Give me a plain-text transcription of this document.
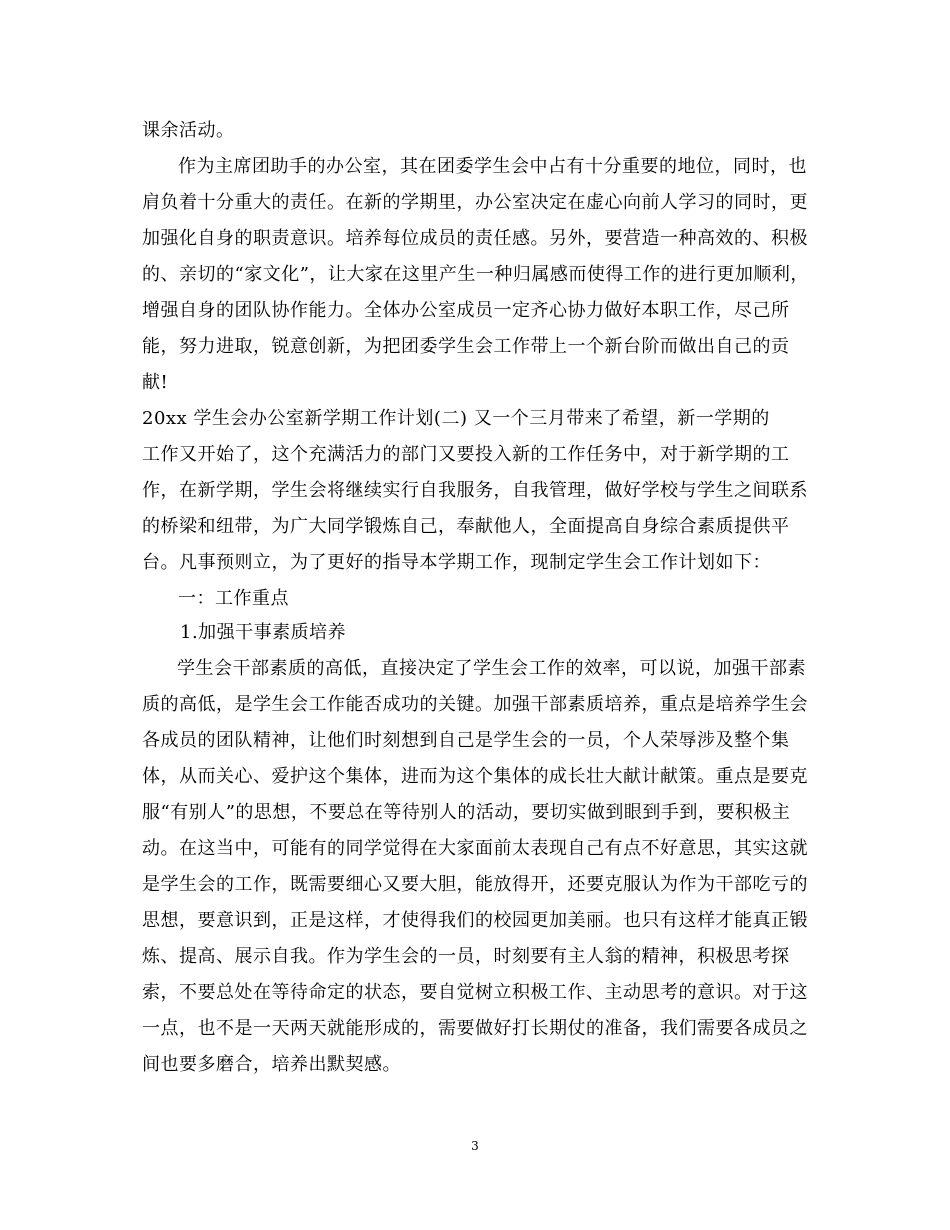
课余活动。
作为主席团助手的办公室，其在团委学生会中占有十分重要的地位，同时，也
肩负着十分重大的责任。在新的学期里，办公室决定在虚心向前人学习的同时，更
加强化自身的职责意识。培养每位成员的责任感。另外，要营造一种高效的、积极
的、亲切的“家文化”，让大家在这里产生一种归属感而使得工作的进行更加顺利，
增强自身的团队协作能力。全体办公室成员一定齐心协力做好本职工作，尽己所
能，努力进取，锐意创新，为把团委学生会工作带上一个新台阶而做出自己的贡
献!
20xx 学生会办公室新学期工作计划(二) 又一个三月带来了希望，新一学期的
工作又开始了，这个充满活力的部门又要投入新的工作任务中，对于新学期的工
作，在新学期，学生会将继续实行自我服务，自我管理，做好学校与学生之间联系
的桥梁和纽带，为广大同学锻炼自己，奉献他人，全面提高自身综合素质提供平
台。凡事预则立，为了更好的指导本学期工作，现制定学生会工作计划如下：
一：工作重点
1.加强干事素质培养
学生会干部素质的高低，直接决定了学生会工作的效率，可以说，加强干部素
质的高低，是学生会工作能否成功的关键。加强干部素质培养，重点是培养学生会
各成员的团队精神，让他们时刻想到自己是学生会的一员，个人荣辱涉及整个集
体，从而关心、爱护这个集体，进而为这个集体的成长壮大献计献策。重点是要克
服“有别人”的思想，不要总在等待别人的活动，要切实做到眼到手到，要积极主
动。在这当中，可能有的同学觉得在大家面前太表现自己有点不好意思，其实这就
是学生会的工作，既需要细心又要大胆，能放得开，还要克服认为作为干部吃亏的
思想，要意识到，正是这样，才使得我们的校园更加美丽。也只有这样才能真正锻
炼、提高、展示自我。作为学生会的一员，时刻要有主人翁的精神，积极思考探
索，不要总处在等待命定的状态，要自觉树立积极工作、主动思考的意识。对于这
一点，也不是一天两天就能形成的，需要做好打长期仗的准备，我们需要各成员之
间也要多磨合，培养出默契感。
3
